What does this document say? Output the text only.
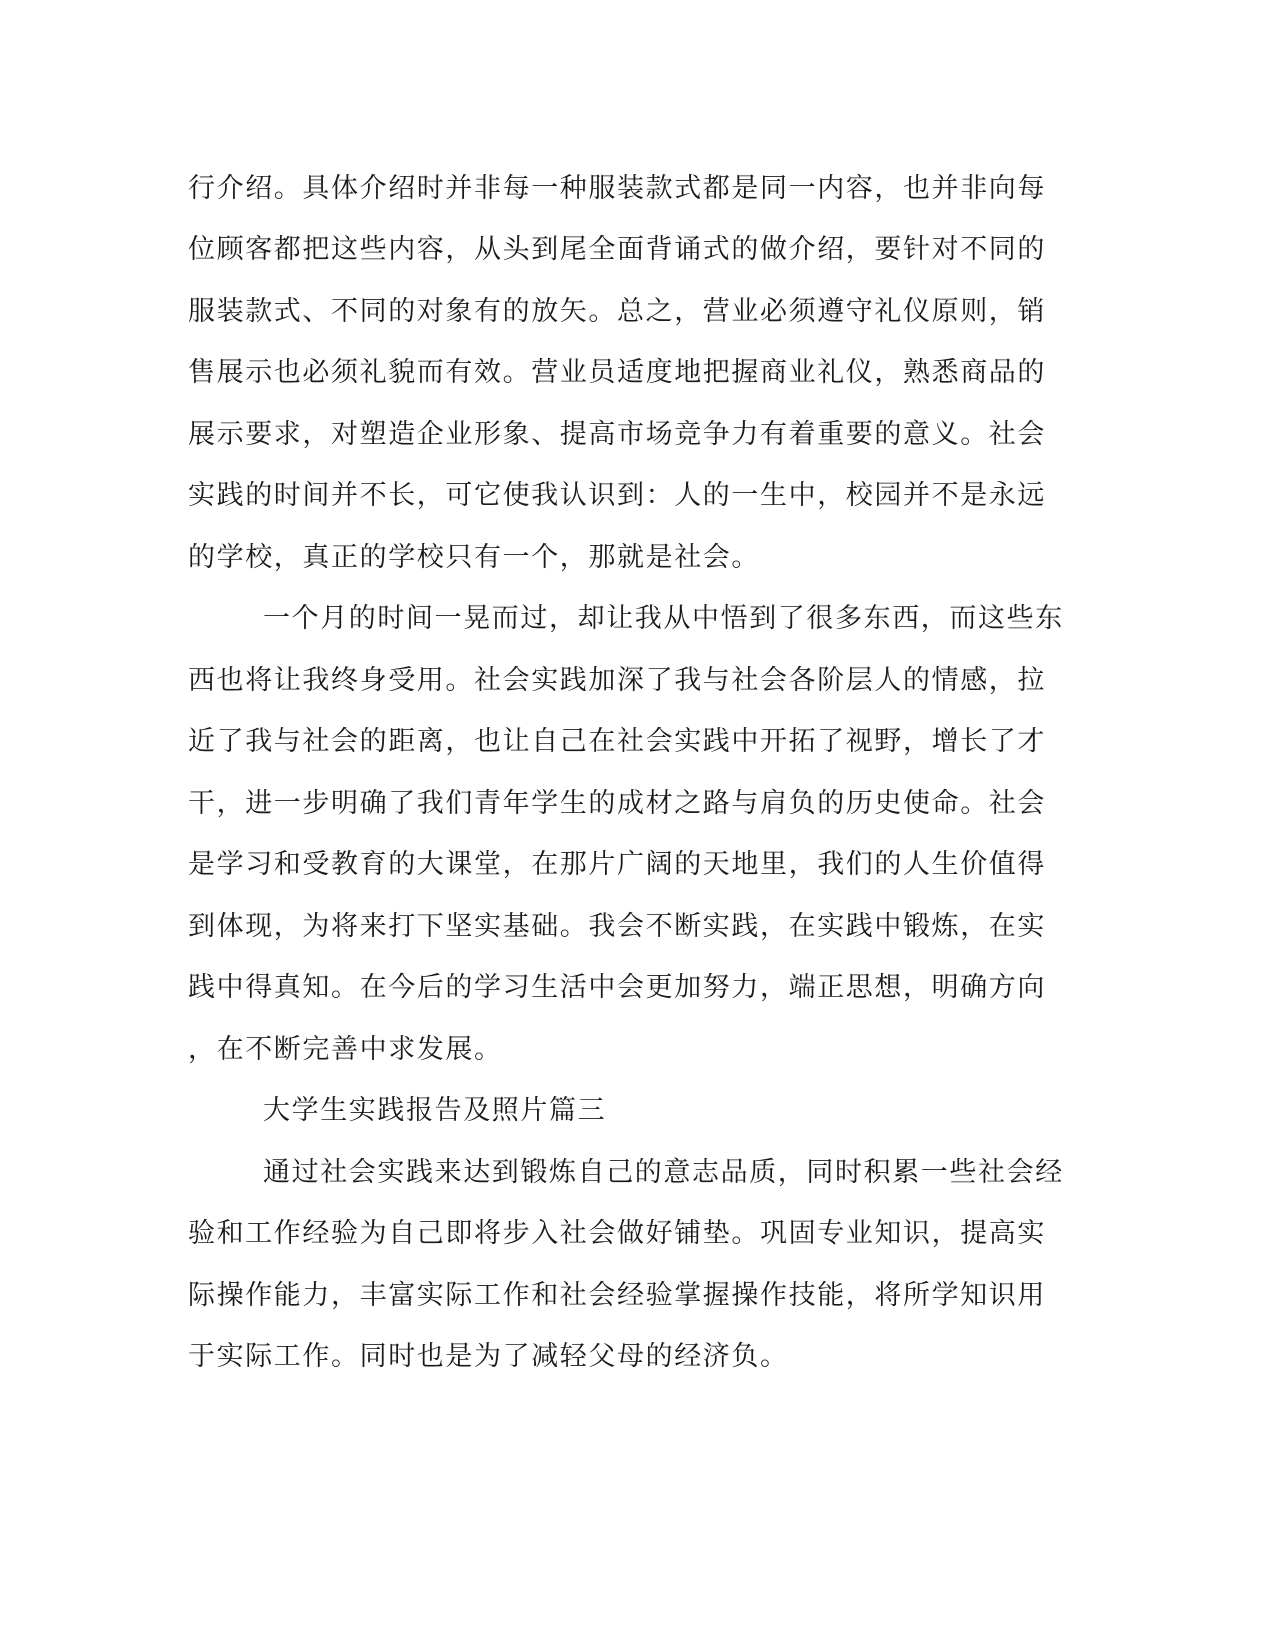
行介绍。具体介绍时并非每一种服装款式都是同一内容，也并非向每
位顾客都把这些内容，从头到尾全面背诵式的做介绍，要针对不同的
服装款式、不同的对象有的放矢。总之，营业必须遵守礼仪原则，销
售展示也必须礼貌而有效。营业员适度地把握商业礼仪，熟悉商品的
展示要求，对塑造企业形象、提高市场竞争力有着重要的意义。社会
实践的时间并不长，可它使我认识到：人的一生中，校园并不是永远
的学校，真正的学校只有一个，那就是社会。
一个月的时间一晃而过，却让我从中悟到了很多东西，而这些东
西也将让我终身受用。社会实践加深了我与社会各阶层人的情感，拉
近了我与社会的距离，也让自己在社会实践中开拓了视野，增长了才
干，进一步明确了我们青年学生的成材之路与肩负的历史使命。社会
是学习和受教育的大课堂，在那片广阔的天地里，我们的人生价值得
到体现，为将来打下坚实基础。我会不断实践，在实践中锻炼，在实
践中得真知。在今后的学习生活中会更加努力，端正思想，明确方向
，在不断完善中求发展。
大学生实践报告及照片篇三
通过社会实践来达到锻炼自己的意志品质，同时积累一些社会经
验和工作经验为自己即将步入社会做好铺垫。巩固专业知识，提高实
际操作能力，丰富实际工作和社会经验掌握操作技能，将所学知识用
于实际工作。同时也是为了减轻父母的经济负。
